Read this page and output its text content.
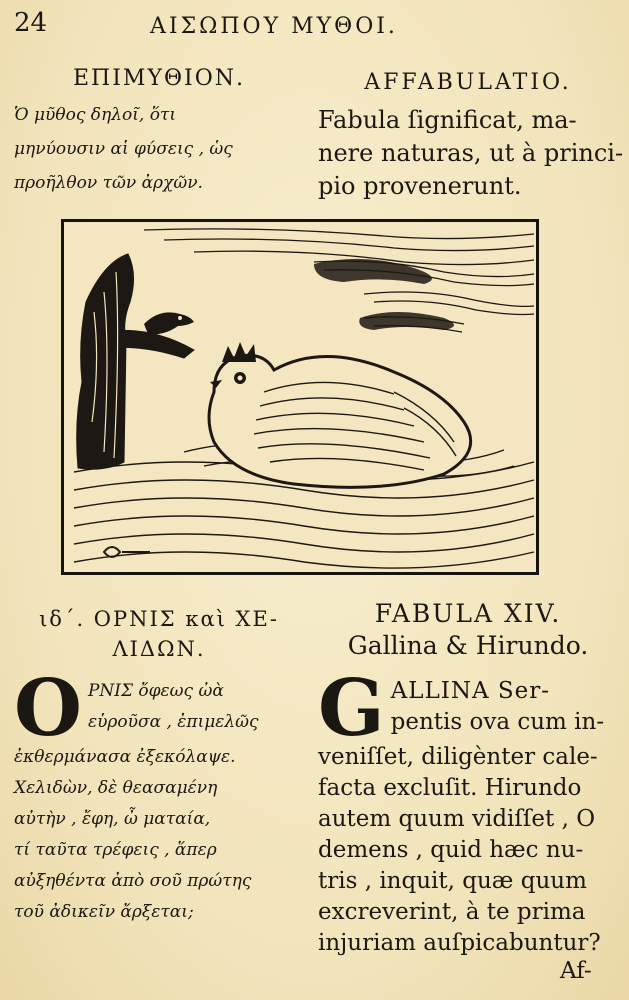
24	ΑΙΣΩΠΟΥ ΜΥΘΟΙ.
ΕΠΙΜΥΘΙΟΝ.	AFFABULATIO.
Ὁ μῦθος δηλοῖ, ὅτι
μηνύουσιν αἱ φύσεις , ὡς
προῆλθον τῶν ἀρχῶν.
Fabula ſignificat, ma-
nere naturas, ut à princi-
pio provenerunt.
ιδ΄. ΟΡΝΙΣ καὶ ΧΕ-
ΛΙΔΩΝ.
FABULA XIV.
Gallina & Hirundo.
Ο ΡΝΙΣ ὄφεως ὠὰ
εὑροῦσα , ἐπιμελῶς
ἐκθερμάνασα ἐξεκόλαψε.
Χελιδὼν, δὲ θεασαμένη
αὐτὴν , ἔφη, ὦ ματαία,
τί ταῦτα τρέφεις , ἅπερ
αὐξηθέντα ἀπὸ σοῦ πρώτης
τοῦ ἀδικεῖν ἄρξεται;
G ALLINA Ser-
pentis ova cum in-
veniſſet, diligènter cale-
facta excluſit. Hirundo
autem quum vidiſſet , O
demens , quid hæc nu-
tris , inquit, quæ quum
excreverint, à te prima
injuriam auſpicabuntur?
Af-
